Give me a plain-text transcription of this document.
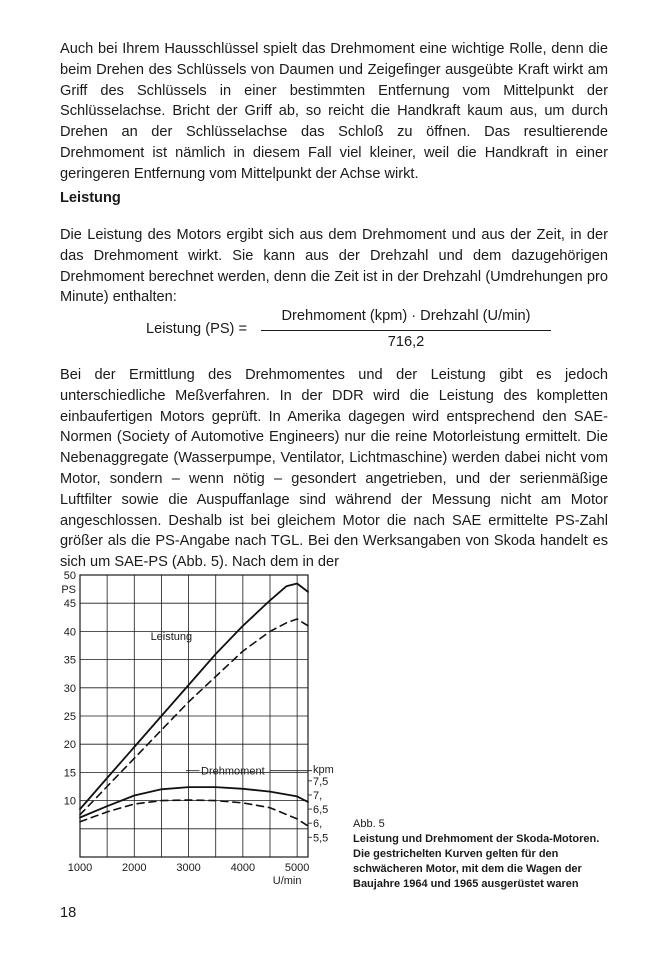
Auch bei Ihrem Hausschlüssel spielt das Drehmoment eine wichtige Rolle, denn die beim Drehen des Schlüssels von Daumen und Zeigefinger ausgeübte Kraft wirkt am Griff des Schlüssels in einer bestimmten Entfernung vom Mittelpunkt der Schlüsselachse. Bricht der Griff ab, so reicht die Handkraft kaum aus, um durch Drehen an der Schlüsselachse das Schloß zu öffnen. Das resultierende Drehmoment ist nämlich in diesem Fall viel kleiner, weil die Handkraft in einer geringeren Entfernung vom Mittelpunkt der Achse wirkt.

Leistung

Die Leistung des Motors ergibt sich aus dem Drehmoment und aus der Zeit, in der das Drehmoment wirkt. Sie kann aus der Drehzahl und dem dazugehörigen Drehmoment berechnet werden, denn die Zeit ist in der Drehzahl (Umdrehungen pro Minute) enthalten:

Leistung (PS) =
Drehmoment (kpm) · Drehzahl (U/min)
716,2

Bei der Ermittlung des Drehmomentes und der Leistung gibt es jedoch unterschiedliche Meßverfahren. In der DDR wird die Leistung des kompletten einbaufertigen Motors geprüft. In Amerika dagegen wird entsprechend den SAE-Normen (Society of Automotive Engineers) nur die reine Motorleistung ermittelt. Die Nebenaggregate (Wasserpumpe, Ventilator, Lichtmaschine) werden dabei nicht vom Motor, sondern – wenn nötig – gesondert angetrieben, und der serienmäßige Luftfilter sowie die Auspuffanlage sind während der Messung nicht am Motor angeschlossen. Deshalb ist bei gleichem Motor die nach SAE ermittelte PS-Zahl größer als die PS-Angabe nach TGL. Bei den Werksangaben von Skoda handelt es sich um SAE-PS (Abb. 5). Nach dem in der

50
45
40
35
30
25
20
15
10
PS
1000	2000	3000	4000	5000
U/min
7,5
7,
6,5
6,
5,5
kpm
Leistung
Drehmoment
Abb. 5
Leistung und Drehmoment der Skoda-Motoren.
Die gestrichelten Kurven gelten für den schwächeren Motor, mit dem die Wagen der Baujahre 1964 und 1965 ausgerüstet waren
18
